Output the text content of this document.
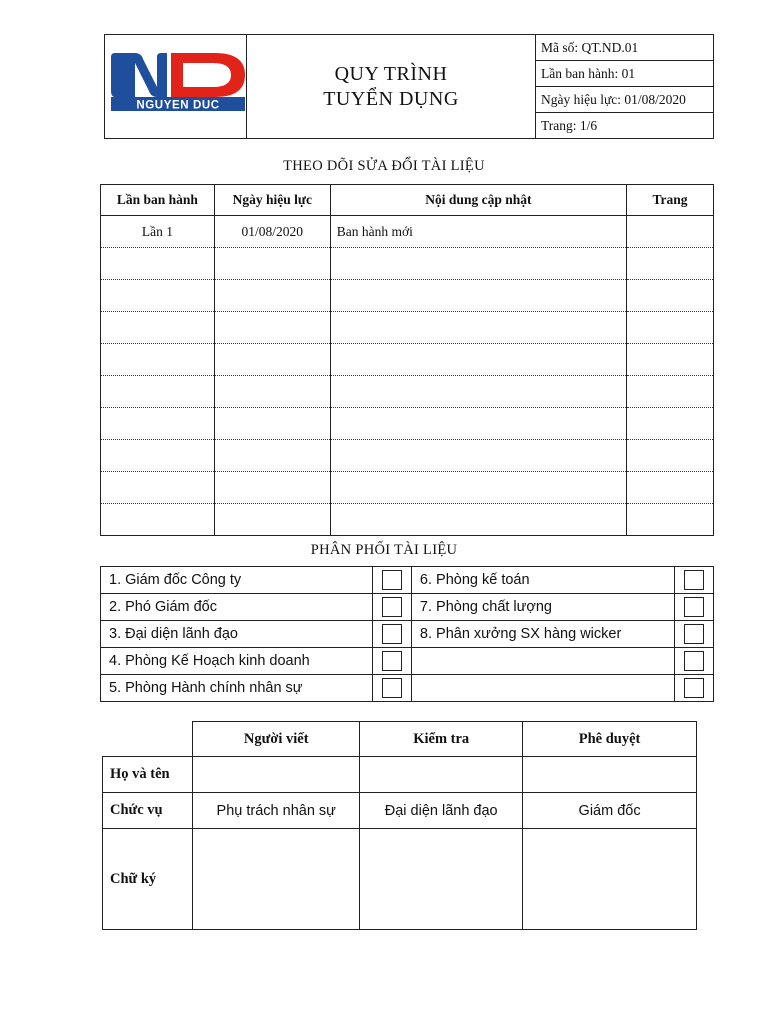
NGUYEN DUC

QUY TRÌNH
TUYỂN DỤNG
	Mã số: QT.ND.01
Lần ban hành: 01
Ngày hiệu lực: 01/08/2020
Trang: 1/6
THEO DÕI SỬA ĐỔI TÀI LIỆU
Lần ban hành	Ngày hiệu lực	Nội dung cập nhật	Trang
Lần 1	01/08/2020	Ban hành mới	

PHÂN PHỐI TÀI LIỆU
1. Giám đốc Công ty		6. Phòng kế toán	
2. Phó Giám đốc		7. Phòng chất lượng	
3. Đại diện lãnh đạo		8. Phân xưởng SX hàng wicker	
4. Phòng Kế Hoạch kinh doanh			
5. Phòng Hành chính nhân sự			
	Người viết	Kiểm tra	Phê duyệt
Họ và tên			
Chức vụ	Phụ trách nhân sự	Đại diện lãnh đạo	Giám đốc
Chữ ký			
